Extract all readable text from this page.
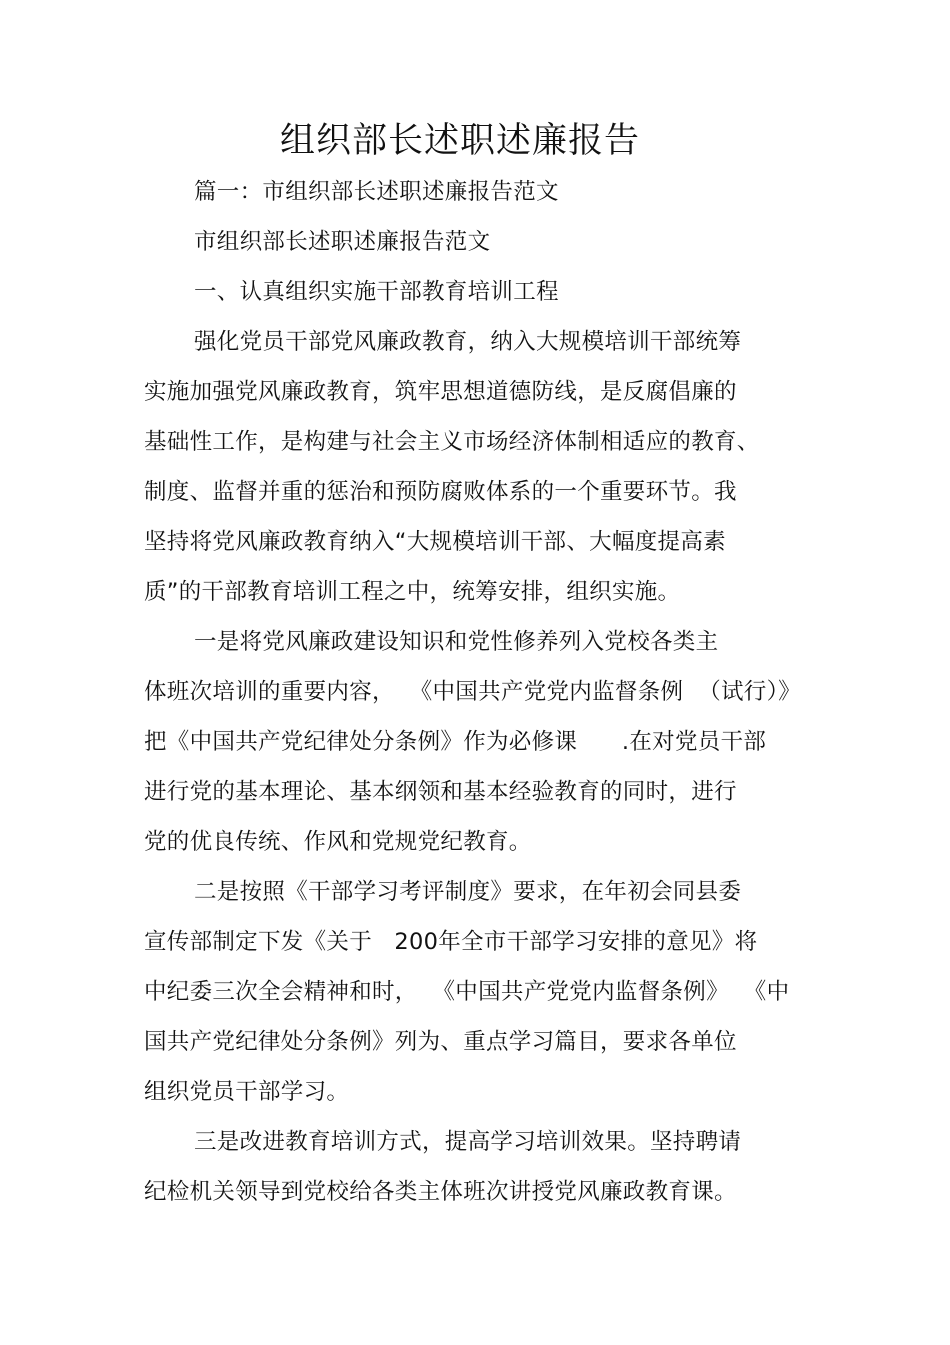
组织部长述职述廉报告
篇一：市组织部长述职述廉报告范文
市组织部长述职述廉报告范文
一、认真组织实施干部教育培训工程
强化党员干部党风廉政教育，纳入大规模培训干部统筹
实施加强党风廉政教育，筑牢思想道德防线，是反腐倡廉的
基础性工作，是构建与社会主义市场经济体制相适应的教育、
制度、监督并重的惩治和预防腐败体系的一个重要环节。我
坚持将党风廉政教育纳入“大规模培训干部、大幅度提高素
质”的干部教育培训工程之中，统筹安排，组织实施。
一是将党风廉政建设知识和党性修养列入党校各类主
体班次培训的重要内容，  《中国共产党党内监督条例  （试行）》
把《中国共产党纪律处分条例》作为必修课      .在对党员干部
进行党的基本理论、基本纲领和基本经验教育的同时，进行
党的优良传统、作风和党规党纪教育。
二是按照《干部学习考评制度》要求，在年初会同县委
宣传部制定下发《关于   200年全市干部学习安排的意见》将
中纪委三次全会精神和时，  《中国共产党党内监督条例》  《中
国共产党纪律处分条例》列为、重点学习篇目，要求各单位
组织党员干部学习。
三是改进教育培训方式，提高学习培训效果。坚持聘请
纪检机关领导到党校给各类主体班次讲授党风廉政教育课。
